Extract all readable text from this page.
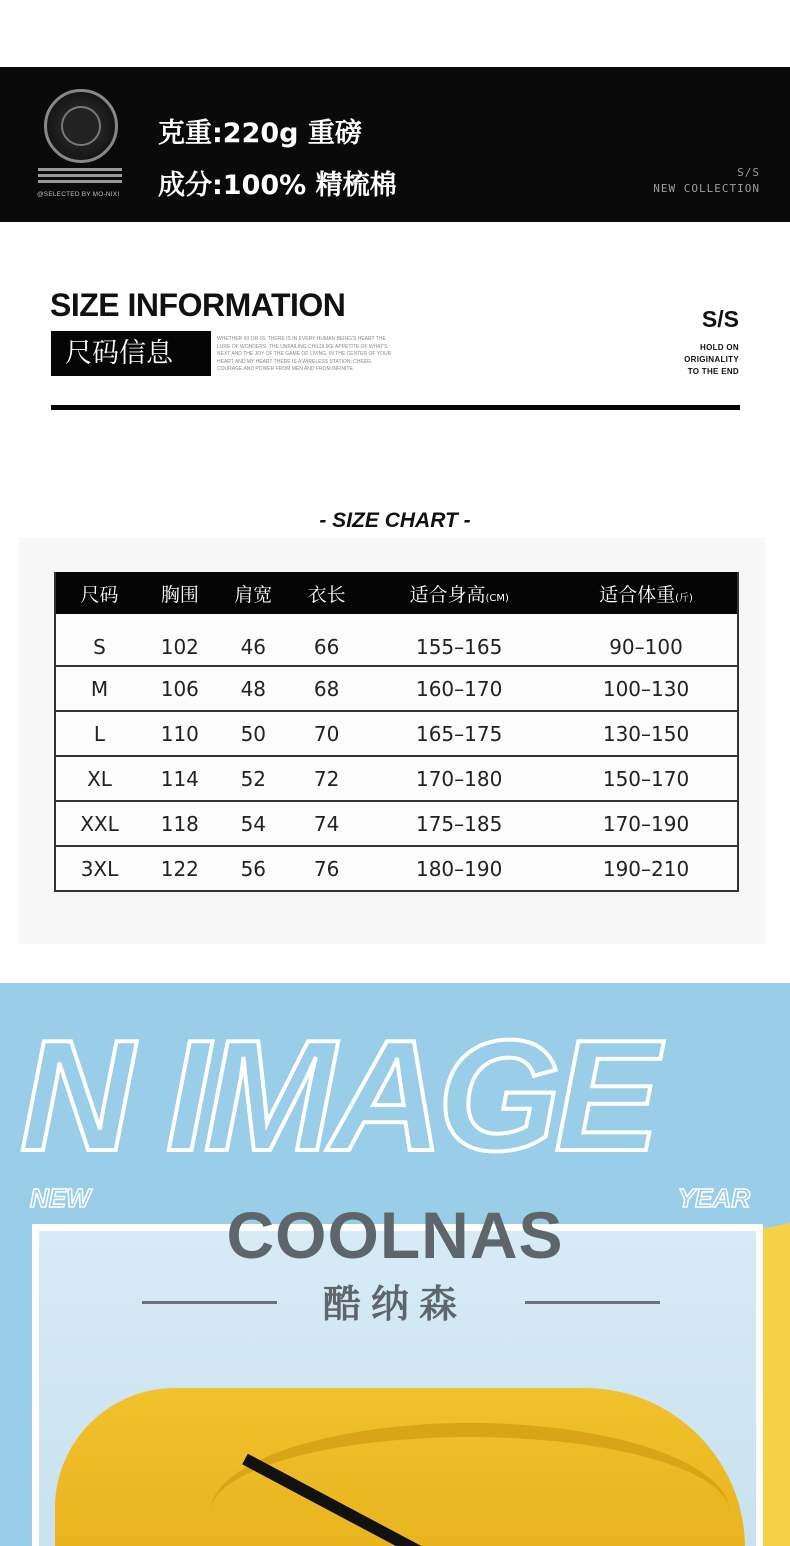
@SELECTED BY MO-NIXI
克重:220g 重磅
成分:100% 精梳棉	S/S
NEW COLLECTION
SIZE INFORMATION
尺码信息	WHETHER 60 OR 16, THERE IS IN EVERY HUMAN BEING'S HEART THE LURE OF WONDERS, THE UNFAILING CHILDLIKE APPETITE OF WHAT'S NEXT AND THE JOY OF THE GAME OF LIVING. IN THE CENTER OF YOUR HEART AND MY HEART THERE IS A WIRELESS STATION; CHEER, COURAGE AND POWER FROM MEN AND FROM INFINITE.
S/S
HOLD ON
ORIGINALITY
TO THE END
- SIZE CHART -
尺码	胸围	肩宽	衣长	适合身高(CM)	适合体重(斤)
S	102	46	66	155–165	90–100
M	106	48	68	160–170	100–130
L	110	50	70	165–175	130–150
XL	114	52	72	170–180	150–170
XXL	118	54	74	175–185	170–190
3XL	122	56	76	180–190	190–210
N IMAGE
NEW	YEAR
COOLNAS
酷纳森
